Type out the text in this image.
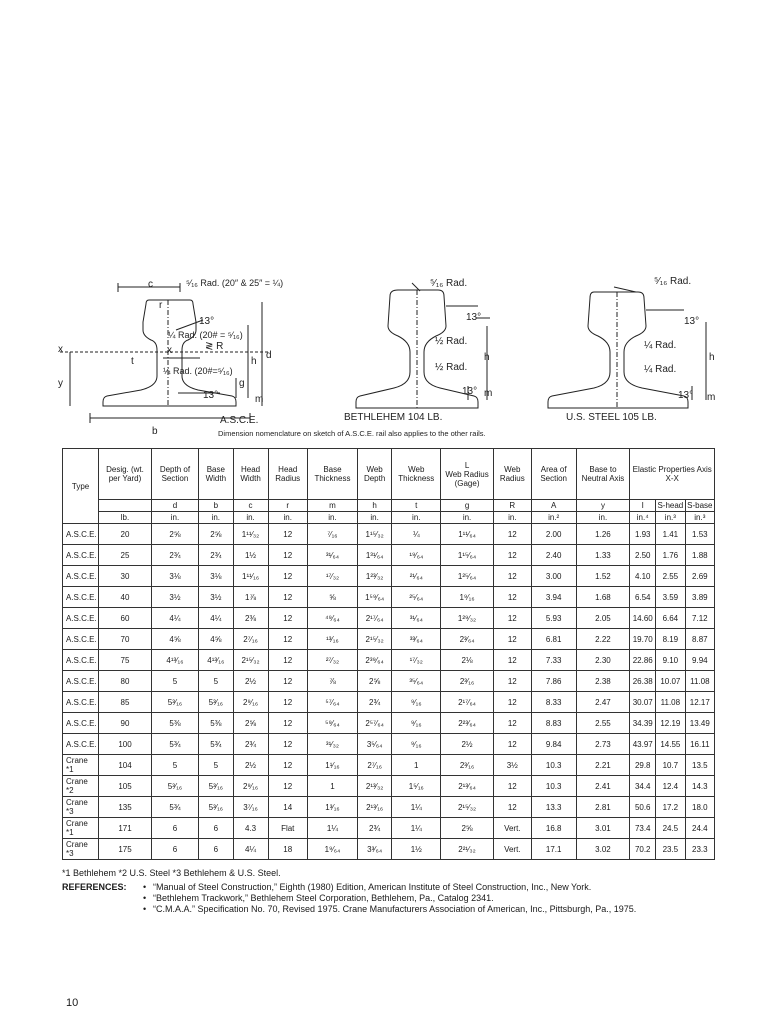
c	⁵⁄₁₆ Rad. (20″ & 25″ = ¼)
r
13°
¼ Rad. (20# = ⁵⁄₁₆)
≷ R
x
¼ Rad. (20#=⁵⁄₁₆)
13°
t
x
y
h
d
g
m
b
A.S.C.E.
⁵⁄₁₆ Rad.
13°
½ Rad.
½ Rad.
13°
h
m
BETHLEHEM 104 LB.
⁵⁄₁₆ Rad.
13°
¼ Rad.
¼ Rad.
13°
h
m
U.S. STEEL 105 LB.
Dimension nomenclature on sketch of A.S.C.E. rail also applies to the other rails.
Type	Desig. (wt. per Yard)	Depth of Section	Base Width	Head Width	Head Radius	Base Thickness	Web Depth	Web Thickness	L
Web Radius (Gage)	Web Radius	Area of Section	Base to Neutral Axis	Elastic Properties Axis X-X		
		d	b	c	r	m	h	t	g	R	A	y	I	S-head	S-base
	lb.	in.	in.	in.	in.	in.	in.	in.	in.	in.	in.²	in.	in.⁴	in.³	in.³
A.S.C.E.	20	2⅝	2⅝	1¹¹⁄₃₂	12	⁷⁄₁₆	1¹⁵⁄₃₂	¼	1¹¹⁄₆₄	12	2.00	1.26	1.93	1.41	1.53
A.S.C.E.	25	2¾	2¾	1½	12	³¹⁄₆₄	1³¹⁄₆₄	¹⁹⁄₆₄	1¹⁵⁄₆₄	12	2.40	1.33	2.50	1.76	1.88
A.S.C.E.	30	3⅛	3⅛	1¹¹⁄₁₆	12	¹⁷⁄₃₂	1²³⁄₃₂	²¹⁄₆₄	1²⁵⁄₆₄	12	3.00	1.52	4.10	2.55	2.69
A.S.C.E.	40	3½	3½	1⅞	12	⅝	1⁵⁹⁄₆₄	²⁵⁄₆₄	1⁹⁄₁₆	12	3.94	1.68	6.54	3.59	3.89
A.S.C.E.	60	4¼	4¼	2⅜	12	⁴⁹⁄₆₄	2¹⁷⁄₆₄	³¹⁄₆₄	1²⁹⁄₃₂	12	5.93	2.05	14.60	6.64	7.12
A.S.C.E.	70	4⅝	4⅝	2⁷⁄₁₆	12	¹³⁄₁₆	2¹⁵⁄₃₂	³³⁄₆₄	2³⁄₆₄	12	6.81	2.22	19.70	8.19	8.87
A.S.C.E.	75	4¹³⁄₁₆	4¹³⁄₁₆	2¹⁵⁄₃₂	12	²⁷⁄₃₂	2³⁹⁄₆₄	¹⁷⁄₃₂	2⅛	12	7.33	2.30	22.86	9.10	9.94
A.S.C.E.	80	5	5	2½	12	⅞	2⅝	³⁵⁄₆₄	2³⁄₁₆	12	7.86	2.38	26.38	10.07	11.08
A.S.C.E.	85	5³⁄₁₆	5³⁄₁₆	2⁹⁄₁₆	12	⁵⁷⁄₆₄	2¾	⁹⁄₁₆	2¹⁷⁄₆₄	12	8.33	2.47	30.07	11.08	12.17
A.S.C.E.	90	5⅜	5⅜	2⅝	12	⁵⁹⁄₆₄	2⁵⁷⁄₆₄	⁹⁄₁₆	2²³⁄₆₄	12	8.83	2.55	34.39	12.19	13.49
A.S.C.E.	100	5¾	5¾	2¾	12	³¹⁄₃₂	3⁵⁄₆₄	⁹⁄₁₆	2½	12	9.84	2.73	43.97	14.55	16.11
Crane *1	104	5	5	2½	12	1¹⁄₁₆	2⁷⁄₁₆	1	2³⁄₁₆	3½	10.3	2.21	29.8	10.7	13.5
Crane *2	105	5³⁄₁₆	5³⁄₁₆	2⁹⁄₁₆	12	1	2¹³⁄₃₂	1⁵⁄₁₆	2¹³⁄₆₄	12	10.3	2.41	34.4	12.4	14.3
Crane *3	135	5¾	5³⁄₁₆	3⁷⁄₁₆	14	1³⁄₁₆	2¹³⁄₁₆	1¼	2¹⁵⁄₃₂	12	13.3	2.81	50.6	17.2	18.0
Crane *1	171	6	6	4.3	Flat	1¼	2¾	1¼	2⅝	Vert.	16.8	3.01	73.4	24.5	24.4
Crane *3	175	6	6	4¼	18	1⁹⁄₆₄	3³⁄₆₄	1½	2²¹⁄₃₂	Vert.	17.1	3.02	70.2	23.5	23.3
*1 Bethlehem *2 U.S. Steel *3 Bethlehem & U.S. Steel.
REFERENCES:	• “Manual of Steel Construction,” Eighth (1980) Edition, American Institute of Steel Construction, Inc., New York.
• “Bethlehem Trackwork,” Bethlehem Steel Corporation, Bethlehem, Pa., Catalog 2341.
• “C.M.A.A.” Specification No. 70, Revised 1975. Crane Manufacturers Association of American, Inc., Pittsburgh, Pa., 1975.
10
